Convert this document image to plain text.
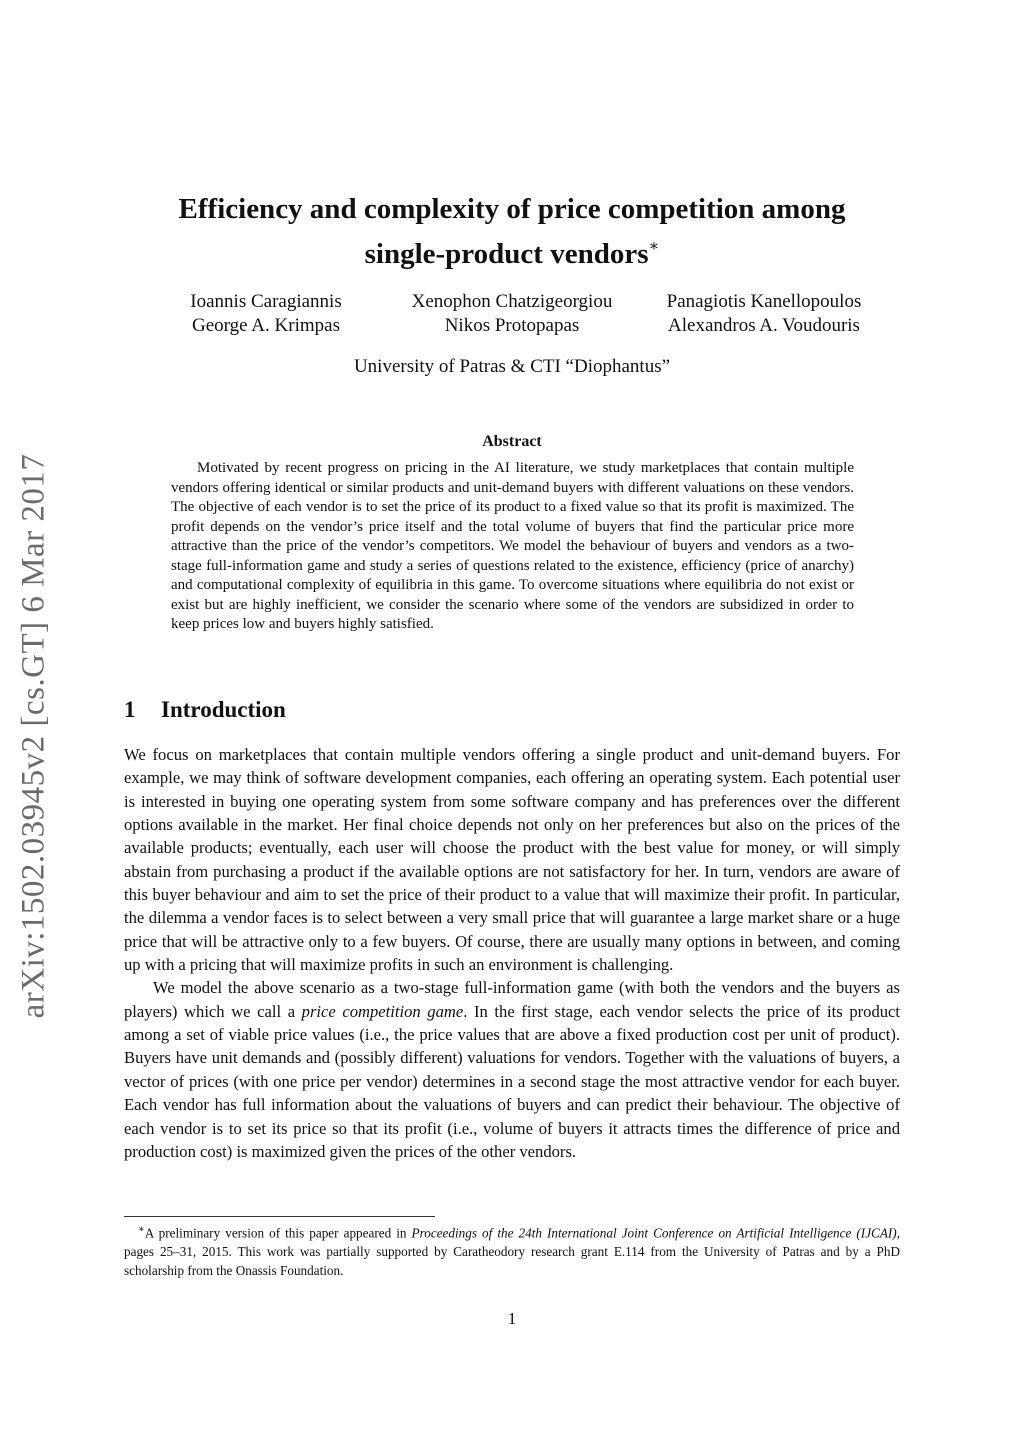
arXiv:1502.03945v2 [cs.GT] 6 Mar 2017
Efficiency and complexity of price competition among
single-product vendors∗
Ioannis Caragiannis
George A. Krimpas
Xenophon Chatzigeorgiou
Nikos Protopapas
Panagiotis Kanellopoulos
Alexandros A. Voudouris
University of Patras & CTI “Diophantus”
Abstract

Motivated by recent progress on pricing in the AI literature, we study marketplaces that contain multiple vendors offering identical or similar products and unit-demand buyers with different valuations on these vendors. The objective of each vendor is to set the price of its product to a fixed value so that its profit is maximized. The profit depends on the vendor’s price itself and the total volume of buyers that find the particular price more attractive than the price of the vendor’s competitors. We model the behaviour of buyers and vendors as a two-stage full-information game and study a series of questions related to the existence, efficiency (price of anarchy) and computational complexity of equilibria in this game. To overcome situations where equilibria do not exist or exist but are highly inefficient, we consider the scenario where some of the vendors are subsidized in order to keep prices low and buyers highly satisfied.

1 Introduction

We focus on marketplaces that contain multiple vendors offering a single product and unit-demand buyers. For example, we may think of software development companies, each offering an operating system. Each potential user is interested in buying one operating system from some software company and has preferences over the different options available in the market. Her final choice depends not only on her preferences but also on the prices of the available products; eventually, each user will choose the product with the best value for money, or will simply abstain from purchasing a product if the available options are not satisfactory for her. In turn, vendors are aware of this buyer behaviour and aim to set the price of their product to a value that will maximize their profit. In particular, the dilemma a vendor faces is to select between a very small price that will guarantee a large market share or a huge price that will be attractive only to a few buyers. Of course, there are usually many options in between, and coming up with a pricing that will maximize profits in such an environment is challenging.

We model the above scenario as a two-stage full-information game (with both the vendors and the buyers as players) which we call a price competition game. In the first stage, each vendor selects the price of its product among a set of viable price values (i.e., the price values that are above a fixed production cost per unit of product). Buyers have unit demands and (possibly different) valuations for vendors. Together with the valuations of buyers, a vector of prices (with one price per vendor) determines in a second stage the most attractive vendor for each buyer. Each vendor has full information about the valuations of buyers and can predict their behaviour. The objective of each vendor is to set its price so that its profit (i.e., volume of buyers it attracts times the difference of price and production cost) is maximized given the prices of the other vendors.

∗A preliminary version of this paper appeared in Proceedings of the 24th International Joint Conference on Artificial Intelligence (IJCAI), pages 25–31, 2015. This work was partially supported by Caratheodory research grant E.114 from the University of Patras and by a PhD scholarship from the Onassis Foundation.

1
